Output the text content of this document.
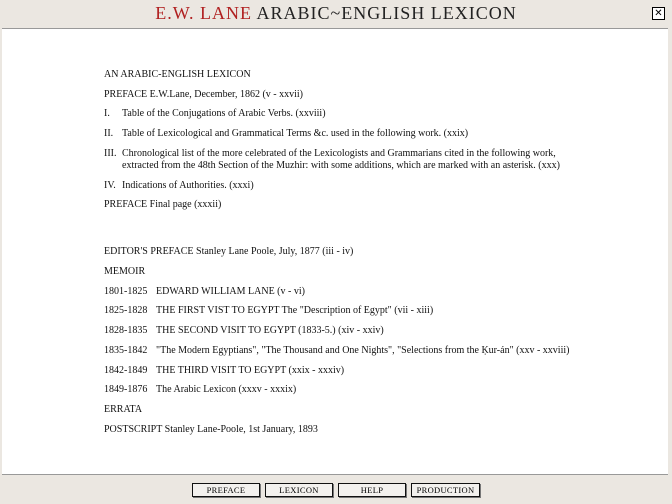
E.W. LANE ARABIC~ENGLISH LEXICON	✕
AN ARABIC-ENGLISH LEXICON
PREFACE E.W.Lane, December, 1862 (v - xxvii)
I. Table of the Conjugations of Arabic Verbs. (xxviii)
II. Table of Lexicological and Grammatical Terms &c. used in the following work. (xxix)
III. Chronological list of the more celebrated of the Lexicologists and Grammarians cited in the following work,
extracted from the 48th Section of the Muzhir: with some additions, which are marked with an asterisk. (xxx)
IV. Indications of Authorities. (xxxi)
PREFACE Final page (xxxii)
EDITOR'S PREFACE Stanley Lane Poole, July, 1877 (iii - iv)
MEMOIR
1801-1825 EDWARD WILLIAM LANE (v - vi)
1825-1828 THE FIRST VIST TO EGYPT The "Description of Egypt" (vii - xiii)
1828-1835 THE SECOND VISIT TO EGYPT (1833-5.) (xiv - xxiv)
1835-1842 "The Modern Egyptians", "The Thousand and One Nights", "Selections from the Ḳur-án" (xxv - xxviii)
1842-1849 THE THIRD VISIT TO EGYPT (xxix - xxxiv)
1849-1876 The Arabic Lexicon (xxxv - xxxix)
ERRATA
POSTSCRIPT Stanley Lane-Poole, 1st January, 1893
PREFACE	LEXICON	HELP	PRODUCTION
